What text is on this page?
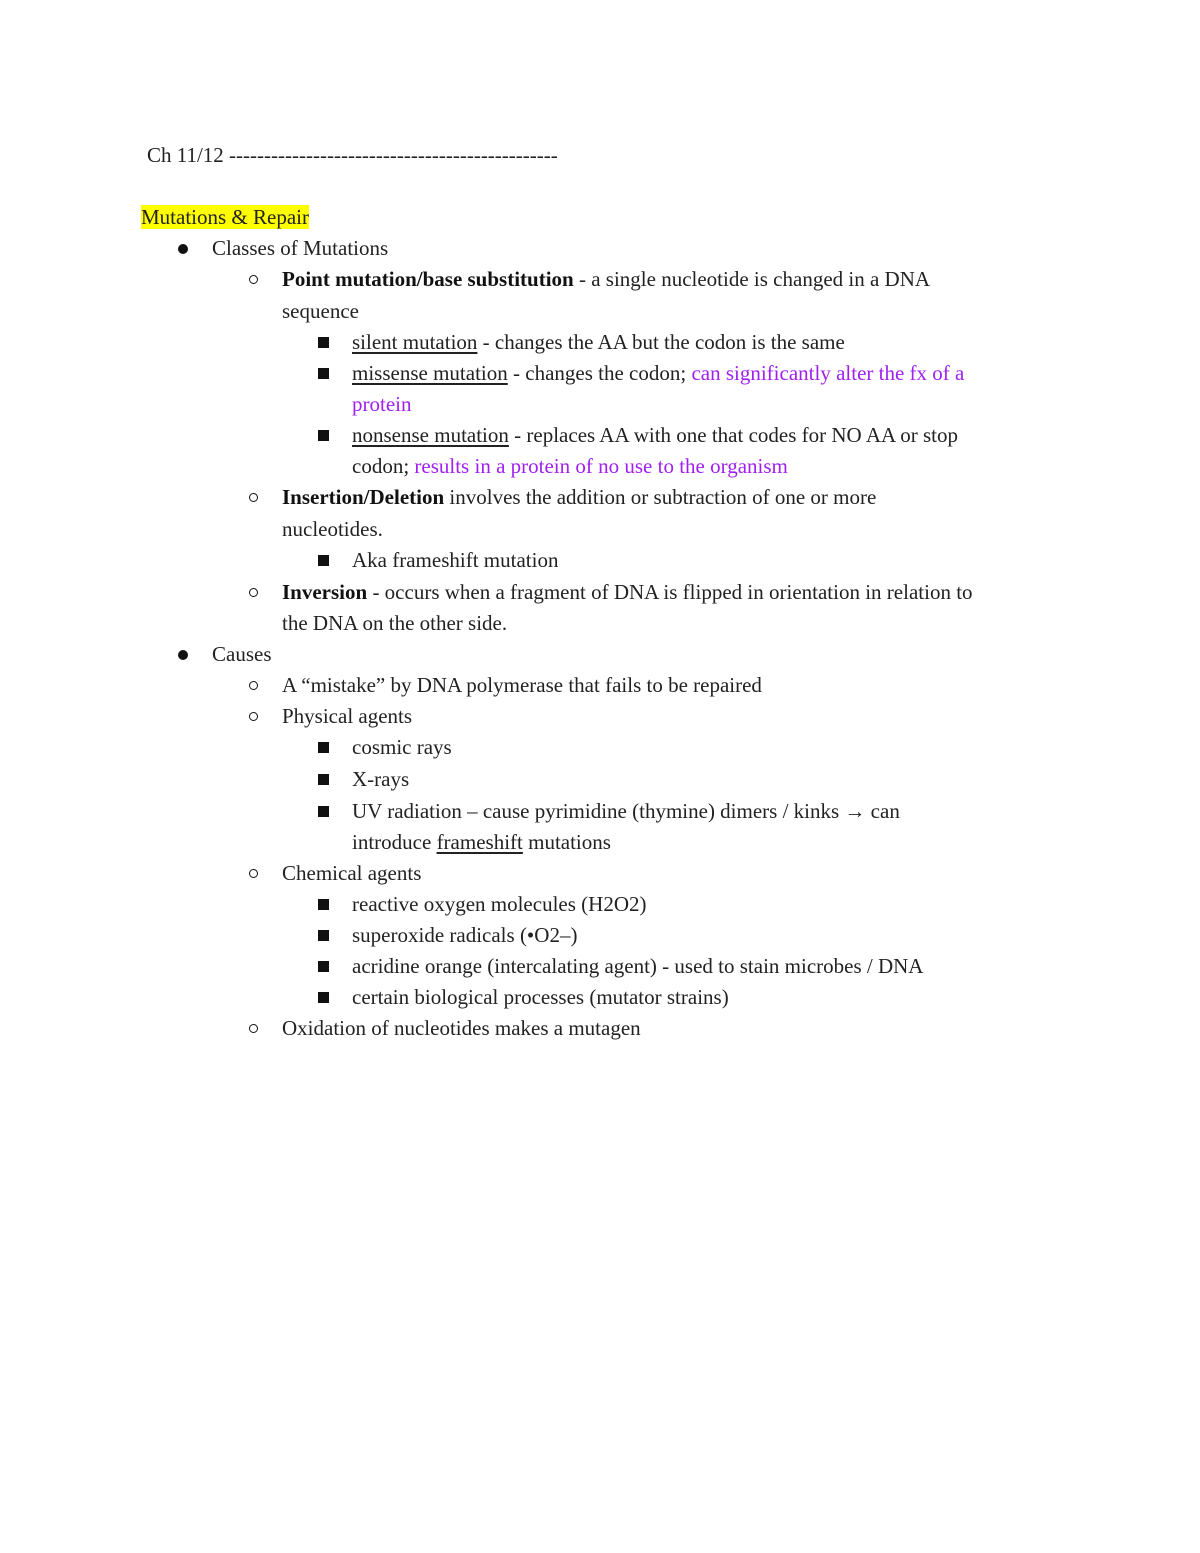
Ch 11/12 -----------------------------------------------
Mutations & Repair
Classes of Mutations
Point mutation/base substitution - a single nucleotide is changed in a DNA
sequence
silent mutation - changes the AA but the codon is the same
missense mutation - changes the codon; can significantly alter the fx of a
protein
nonsense mutation - replaces AA with one that codes for NO AA or stop
codon; results in a protein of no use to the organism
Insertion/Deletion involves the addition or subtraction of one or more
nucleotides.
Aka frameshift mutation
Inversion - occurs when a fragment of DNA is flipped in orientation in relation to
the DNA on the other side.
Causes
A “mistake” by DNA polymerase that fails to be repaired
Physical agents
cosmic rays
X-rays
UV radiation – cause pyrimidine (thymine) dimers / kinks → can
introduce frameshift mutations
Chemical agents
reactive oxygen molecules (H2O2)
superoxide radicals (•O2–)
acridine orange (intercalating agent) - used to stain microbes / DNA
certain biological processes (mutator strains)
Oxidation of nucleotides makes a mutagen
